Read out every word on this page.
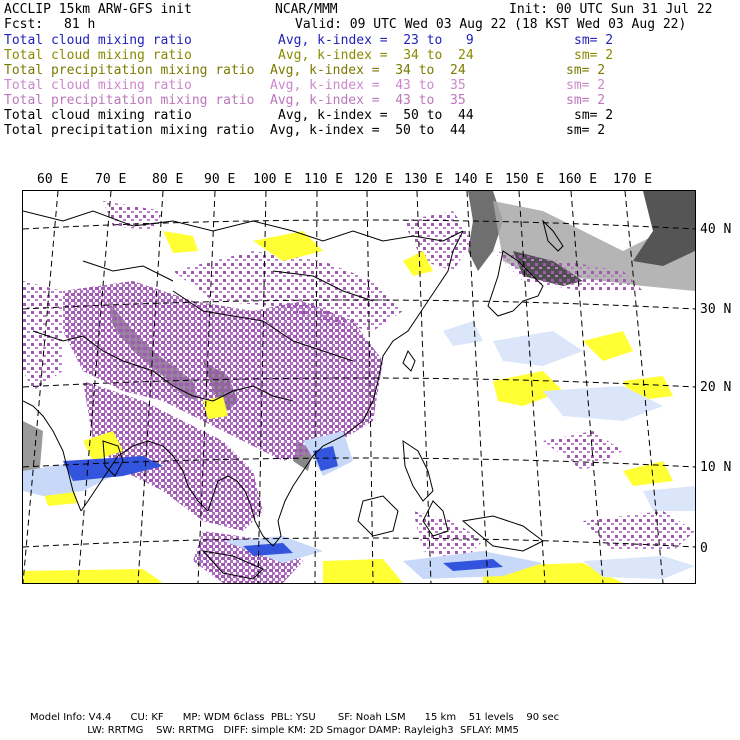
ACCLIP 15km ARW-GFS init	NCAR/MMM	Init: 00 UTC Sun 31 Jul 22
Fcst: 81 h	Valid: 09 UTC Wed 03 Aug 22 (18 KST Wed 03 Aug 22)
Total cloud mixing ratio	Avg, k-index =  23 to   9	sm= 2
Total cloud mixing ratio	Avg, k-index =  34 to  24	sm= 2
Total precipitation mixing ratio Avg, k-index =  34 to  24	sm= 2
Total cloud mixing ratio	Avg, k-index =  43 to  35	sm= 2
Total precipitation mixing ratio Avg, k-index =  43 to  35	sm= 2
Total cloud mixing ratio	Avg, k-index =  50 to  44	sm= 2
Total precipitation mixing ratio Avg, k-index =  50 to  44	sm= 2
60 E 70 E 80 E 90 E 100 E 110 E 120 E 130 E 140 E 150 E 160 E 170 E
40 N
30 N
20 N
10 N
0
Model Info: V4.4      CU: KF      MP: WDM 6class  PBL: YSU       SF: Noah LSM      15 km    51 levels    90 sec
LW: RRTMG    SW: RRTMG   DIFF: simple KM: 2D Smagor DAMP: Rayleigh3  SFLAY: MM5
